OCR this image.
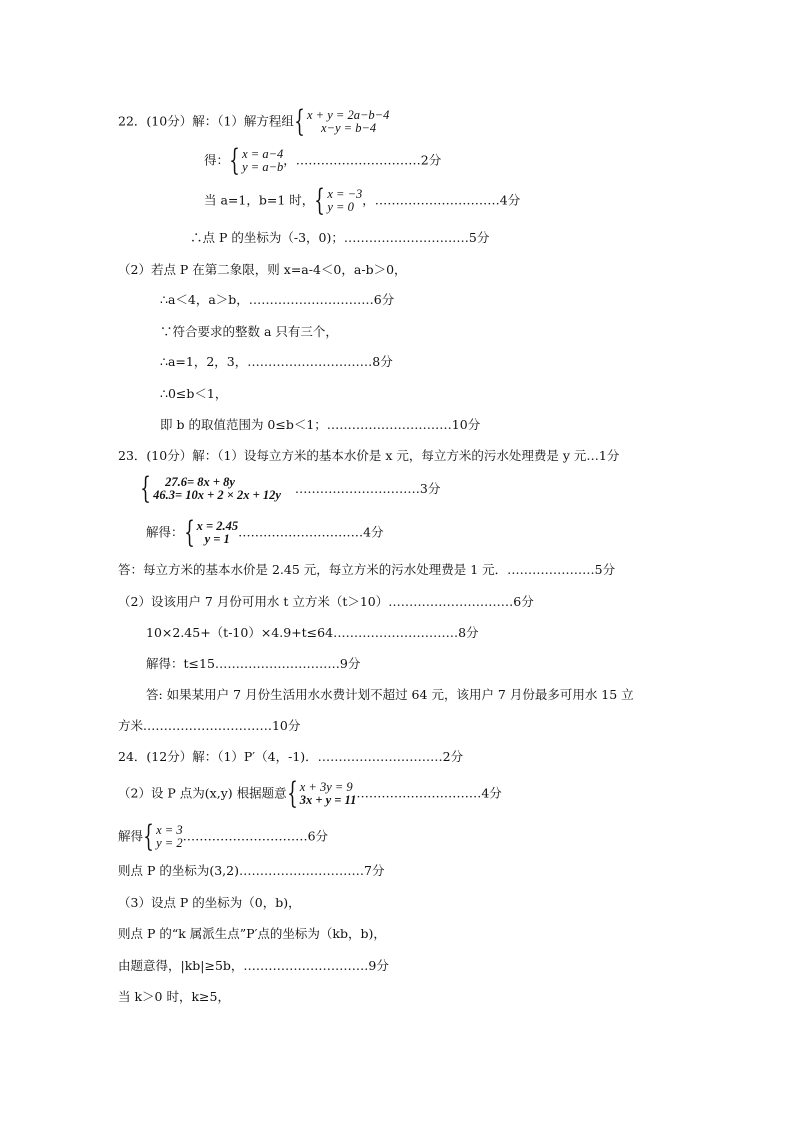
22．(10分）解：（1）解方程组 { x + y = 2a−b−4
x−y = b−4
得： { x = a−4
y = a−b ，…………………………2分
当 a=1，b=1 时， { x = −3
y = 0 ，…………………………4分
∴点 P 的坐标为（-3，0)；…………………………5分
（2）若点 P 在第二象限，则 x=a-4＜0，a-b＞0，
∴a＜4，a＞b，…………………………6分
∵符合要求的整数 a 只有三个，
∴a=1，2，3，…………………………8分
∴0≤b＜1，
即 b 的取值范围为 0≤b＜1；…………………………10分
23．(10分）解：（1）设每立方米的基本水价是 x 元，每立方米的污水处理费是 y 元…1分
{	27.6= 8x + 8y
46.3= 10x + 2 × 2x + 12y …………………………3分
解得： { x = 2.45
y = 1 …………………………4分
答：每立方米的基本水价是 2.45 元，每立方米的污水处理费是 1 元．…………………5分
（2）设该用户 7 月份可用水 t 立方米（t＞10）…………………………6分
10×2.45+（t-10）×4.9+t≤64…………………………8分
解得：t≤15…………………………9分
答: 如果某用户 7 月份生活用水水费计划不超过 64 元，该用户 7 月份最多可用水 15 立
方米.…………………………10分
24．(12分）解：（1）P′（4，-1)．…………………………2分
（2）设 P 点为(x,y) 根据题意 { x + 3y = 9
3x + y = 11 …………………………4分
解得 { x = 3
y = 2 …………………………6分
则点 P 的坐标为(3,2)…………………………7分
（3）设点 P 的坐标为（0，b)，
则点 P 的“k 属派生点”P′点的坐标为（kb，b)，
由题意得，|kb|≥5b，…………………………9分
当 k＞0 时，k≥5，
